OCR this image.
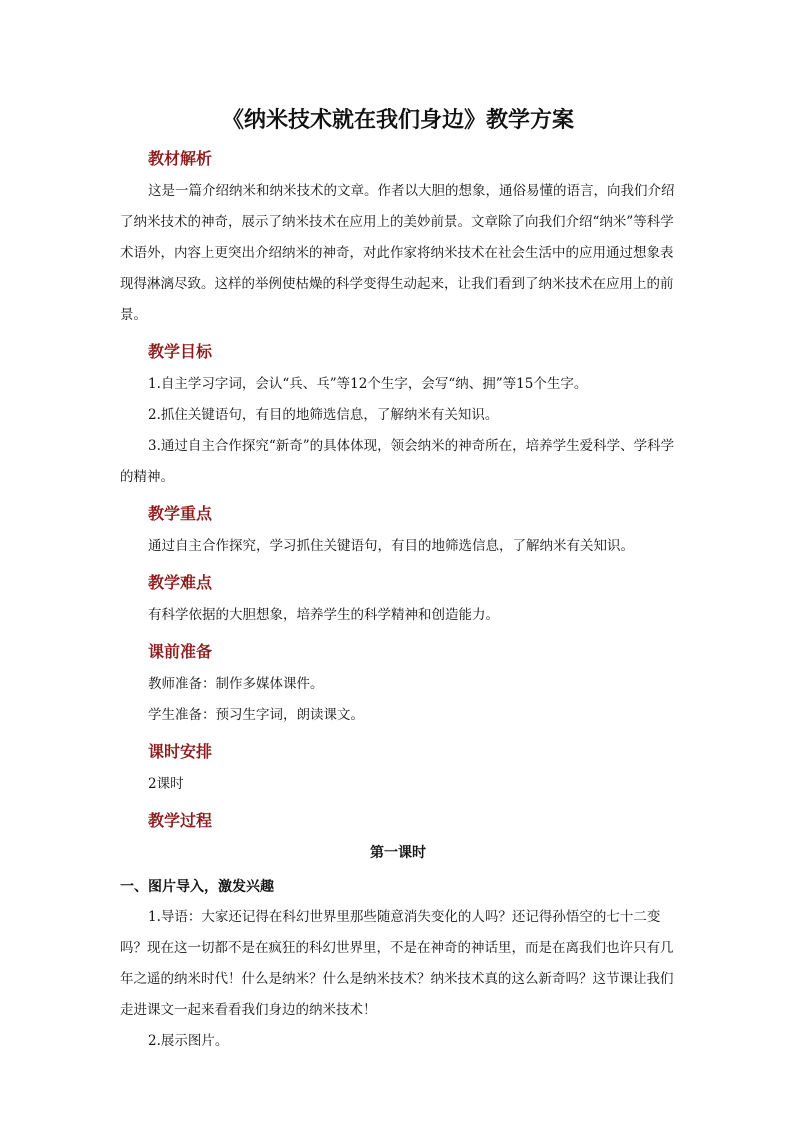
《纳米技术就在我们身边》教学方案
教材解析

这是一篇介绍纳米和纳米技术的文章。作者以大胆的想象，通俗易懂的语言，向我们介绍了纳米技术的神奇，展示了纳米技术在应用上的美妙前景。文章除了向我们介绍“纳米”等科学术语外，内容上更突出介绍纳米的神奇，对此作家将纳米技术在社会生活中的应用通过想象表现得淋漓尽致。这样的举例使枯燥的科学变得生动起来，让我们看到了纳米技术在应用上的前景。

教学目标

1.自主学习字词，会认“兵、乓”等12个生字，会写“纳、拥”等15个生字。

2.抓住关键语句，有目的地筛选信息，了解纳米有关知识。

3.通过自主合作探究“新奇”的具体体现，领会纳米的神奇所在，培养学生爱科学、学科学的精神。

教学重点

通过自主合作探究，学习抓住关键语句，有目的地筛选信息，了解纳米有关知识。

教学难点

有科学依据的大胆想象，培养学生的科学精神和创造能力。

课前准备

教师准备：制作多媒体课件。

学生准备：预习生字词，朗读课文。

课时安排

2课时

教学过程
第一课时

一、图片导入，激发兴趣

1.导语：大家还记得在科幻世界里那些随意消失变化的人吗？还记得孙悟空的七十二变吗？现在这一切都不是在疯狂的科幻世界里，不是在神奇的神话里，而是在离我们也许只有几年之遥的纳米时代！什么是纳米？什么是纳米技术？纳米技术真的这么新奇吗？这节课让我们走进课文一起来看看我们身边的纳米技术！

2.展示图片。
